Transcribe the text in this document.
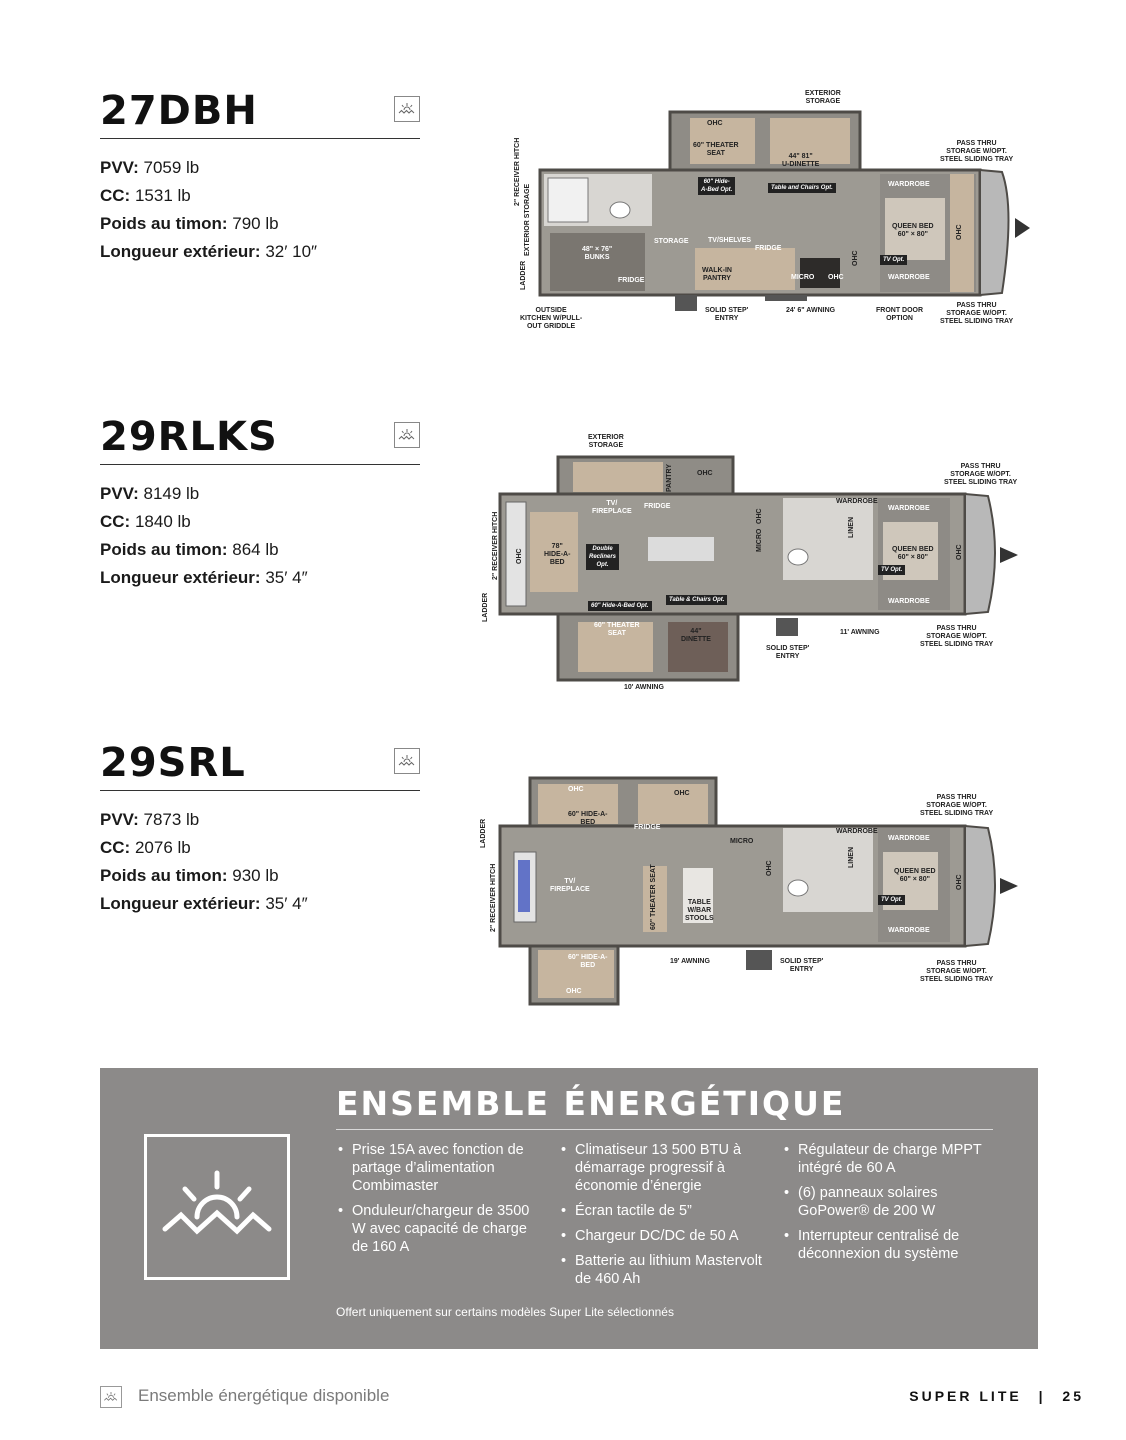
27DBH
PVV: 7059 lb
CC: 1531 lb
Poids au timon: 790 lb
Longueur extérieur: 32′ 10″
EXTERIOR
STORAGE
OHC
60" THEATER
SEAT	44" 81"
U-DINETTE
60" Hide-
A-Bed Opt.	Table and Chairs Opt.	WARDROBE
QUEEN BED
60" × 80"
TV Opt.
WARDROBE
STORAGE	TV/SHELVES
FRIDGE
48" × 76"
BUNKS
FRIDGE
WALK-IN
PANTRY	MICRO OHC
OHC
OHC
PASS THRU
STORAGE W/OPT.
STEEL SLIDING TRAY
PASS THRU
STORAGE W/OPT.
STEEL SLIDING TRAY
OUTSIDE
KITCHEN W/PULL-
OUT GRIDDLE
SOLID STEP'
ENTRY
24' 6" AWNING	FRONT DOOR
OPTION
2" RECEIVER HITCH
EXTERIOR STORAGE
LADDER
29RLKS
PVV: 8149 lb
CC: 1840 lb
Poids au timon: 864 lb
Longueur extérieur: 35′ 4″
EXTERIOR
STORAGE
PANTRY	OHC
TV/
FIREPLACE
FRIDGE
OHC
MICRO
WARDROBE
WARDROBE
LINEN
QUEEN BED
60" × 80"
TV Opt.
WARDROBE
OHC
OHC
78"
HIDE-A-
BED
Double
Recliners
Opt.
60" Hide-A-Bed Opt.
Table & Chairs Opt.
60" THEATER
SEAT	44"
DINETTE
PASS THRU
STORAGE W/OPT.
STEEL SLIDING TRAY
PASS THRU
STORAGE W/OPT.
STEEL SLIDING TRAY
11' AWNING
SOLID STEP'
ENTRY
10' AWNING
2" RECEIVER HITCH
LADDER
29SRL
PVV: 7873 lb
CC: 2076 lb
Poids au timon: 930 lb
Longueur extérieur: 35′ 4″
OHC
OHC
60" HIDE-A-
BED
FRIDGE
MICRO
OHC
WARDROBE
WARDROBE
LINEN
QUEEN BED
60" × 80"
TV Opt.
WARDROBE
OHC
TV/
FIREPLACE	60" THEATER SEAT	TABLE
W/BAR
STOOLS
60" HIDE-A-
BED
OHC
PASS THRU
STORAGE W/OPT.
STEEL SLIDING TRAY
PASS THRU
STORAGE W/OPT.
STEEL SLIDING TRAY
19' AWNING	SOLID STEP'
ENTRY
2" RECEIVER HITCH
LADDER
ENSEMBLE ÉNERGÉTIQUE
• Prise 15A avec fonction de partage d’alimentation Combimaster
• Onduleur/chargeur de 3500 W avec capacité de charge de 160 A
• Climatiseur 13 500 BTU à démarrage progressif à économie d’énergie
• Écran tactile de 5”
• Chargeur DC/DC de 50 A
• Batterie au lithium Mastervolt de 460 Ah
• Régulateur de charge MPPT intégré de 60 A
• (6) panneaux solaires GoPower® de 200 W
• Interrupteur centralisé de déconnexion du système
Offert uniquement sur certains modèles Super Lite sélectionnés
Ensemble énergétique disponible	SUPER LITE | 25
